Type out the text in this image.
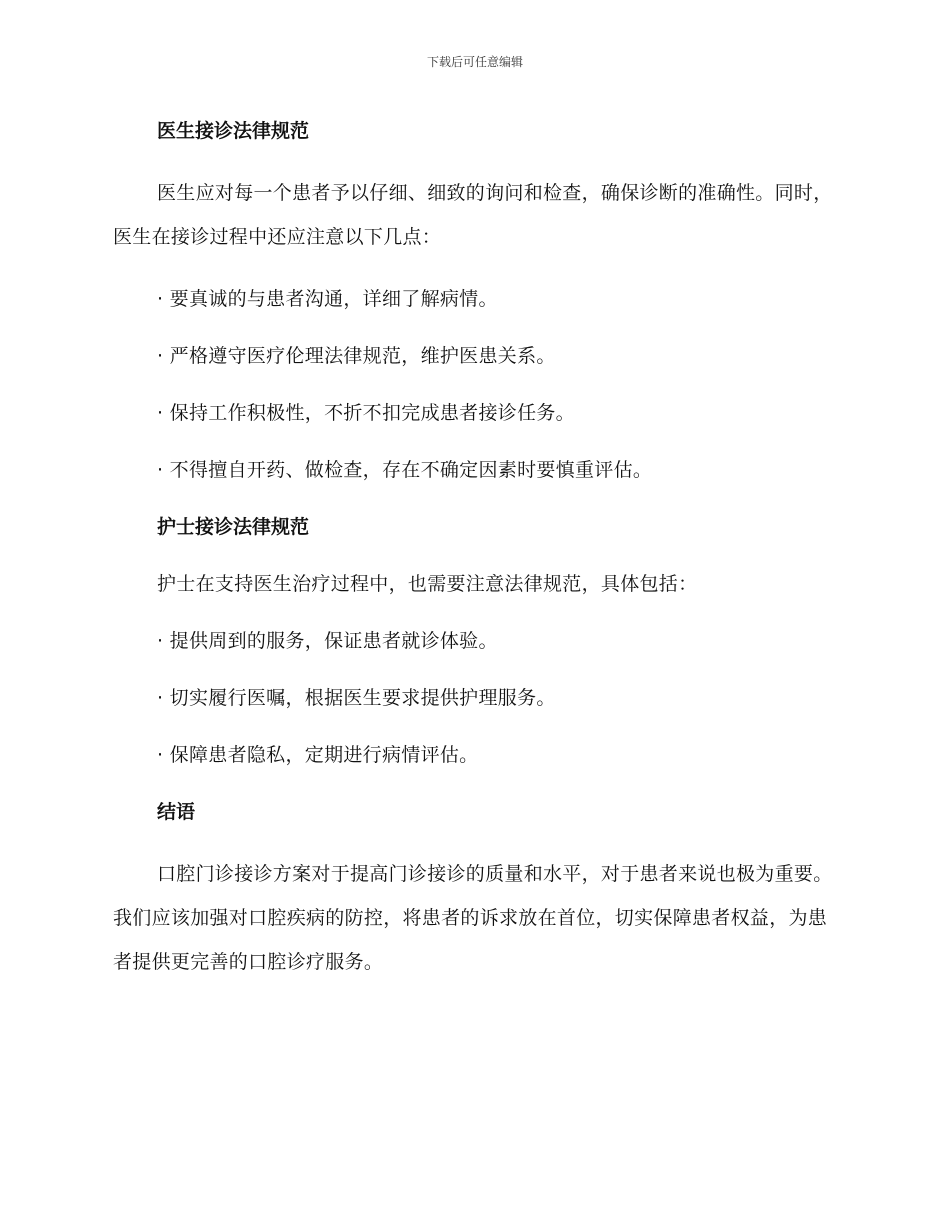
下载后可任意编辑
医生接诊法律规范

医生应对每一个患者予以仔细、细致的询问和检查，确保诊断的准确性。同时，医生在接诊过程中还应注意以下几点：

· 要真诚的与患者沟通，详细了解病情。
· 严格遵守医疗伦理法律规范，维护医患关系。
· 保持工作积极性，不折不扣完成患者接诊任务。
· 不得擅自开药、做检查，存在不确定因素时要慎重评估。
护士接诊法律规范

护士在支持医生治疗过程中，也需要注意法律规范，具体包括：

· 提供周到的服务，保证患者就诊体验。
· 切实履行医嘱，根据医生要求提供护理服务。
· 保障患者隐私，定期进行病情评估。
结语

口腔门诊接诊方案对于提高门诊接诊的质量和水平，对于患者来说也极为重要。我们应该加强对口腔疾病的防控，将患者的诉求放在首位，切实保障患者权益，为患者提供更完善的口腔诊疗服务。
